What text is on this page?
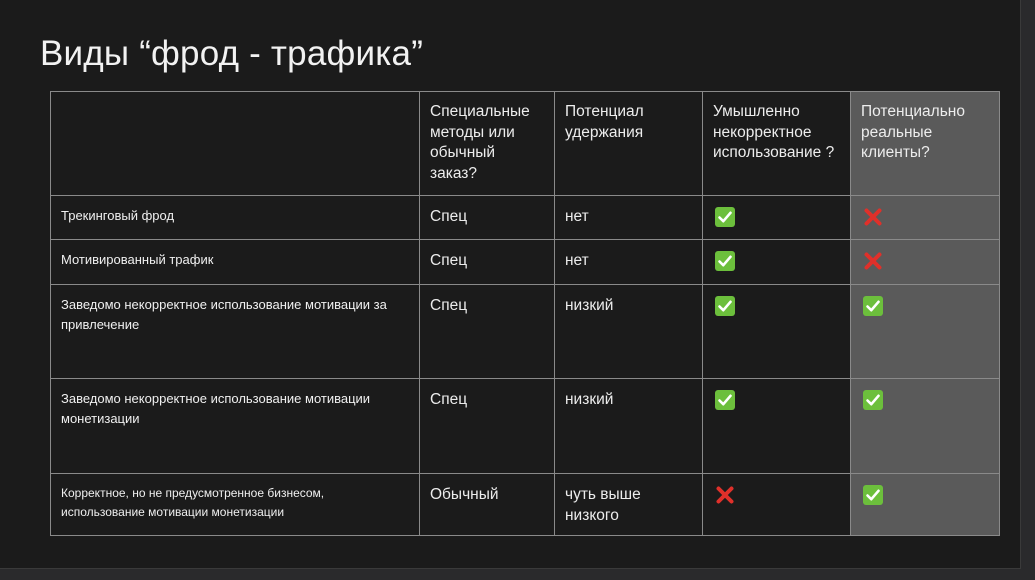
Виды “фрод - трафика”

	Специальные методы или обычный заказ?	Потенциал удержания	Умышленно некорректное использование ?	Потенциально реальные клиенты?

Трекинговый фрод	Спец	нет

Мотивированный трафик	Спец	нет

Заведомо некорректное использование мотивации за привлечение	Спец	низкий

Заведомо некорректное использование мотивации монетизации	Спец	низкий

Корректное, но не предусмотренное бизнесом, использование мотивации монетизации	Обычный	чуть выше низкого
